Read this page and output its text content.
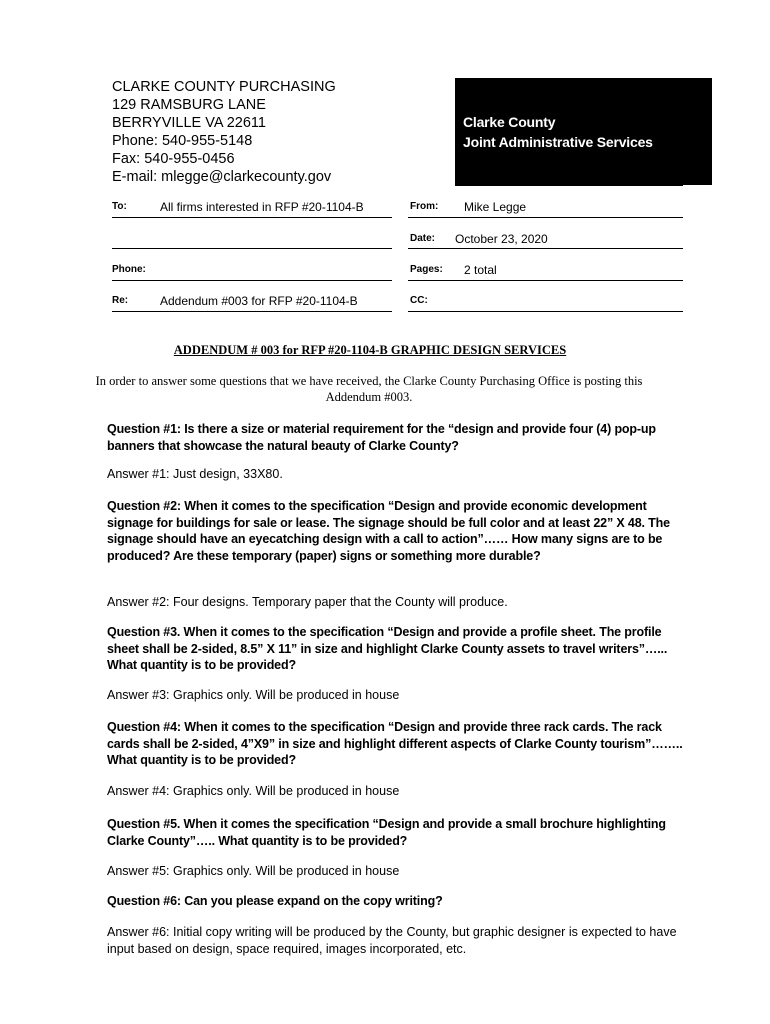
CLARKE COUNTY PURCHASING
129 RAMSBURG LANE
BERRYVILLE VA 22611
Phone: 540-955-5148
Fax: 540-955-0456
E-mail: mlegge@clarkecounty.gov
Clarke County
Joint Administrative Services
To:	All firms interested in RFP #20-1104-B	From: Mike Legge
Date: October 23, 2020
Phone:	Pages: 2 total
Re:	Addendum #003 for RFP #20-1104-B	CC:
ADDENDUM # 003 for RFP #20-1104-B GRAPHIC DESIGN SERVICES
In order to answer some questions that we have received, the Clarke County Purchasing Office is posting this Addendum #003.
Question #1: Is there a size or material requirement for the “design and provide four (4) pop-up banners that showcase the natural beauty of Clarke County?
Answer #1: Just design, 33X80.
Question #2: When it comes to the specification “Design and provide economic development signage for buildings for sale or lease. The signage should be full color and at least 22” X 48. The signage should have an eyecatching design with a call to action”…… How many signs are to be produced? Are these temporary (paper) signs or something more durable?
Answer #2: Four designs. Temporary paper that the County will produce.
Question #3. When it comes to the specification “Design and provide a profile sheet. The profile sheet shall be 2-sided, 8.5” X 11” in size and highlight Clarke County assets to travel writers”…... What quantity is to be provided?
Answer #3: Graphics only. Will be produced in house
Question #4: When it comes to the specification “Design and provide three rack cards. The rack cards shall be 2-sided, 4”X9” in size and highlight different aspects of Clarke County tourism”…….. What quantity is to be provided?
Answer #4: Graphics only. Will be produced in house
Question #5. When it comes the specification “Design and provide a small brochure highlighting Clarke County”….. What quantity is to be provided?
Answer #5: Graphics only. Will be produced in house
Question #6: Can you please expand on the copy writing?
Answer #6: Initial copy writing will be produced by the County, but graphic designer is expected to have input based on design, space required, images incorporated, etc.
